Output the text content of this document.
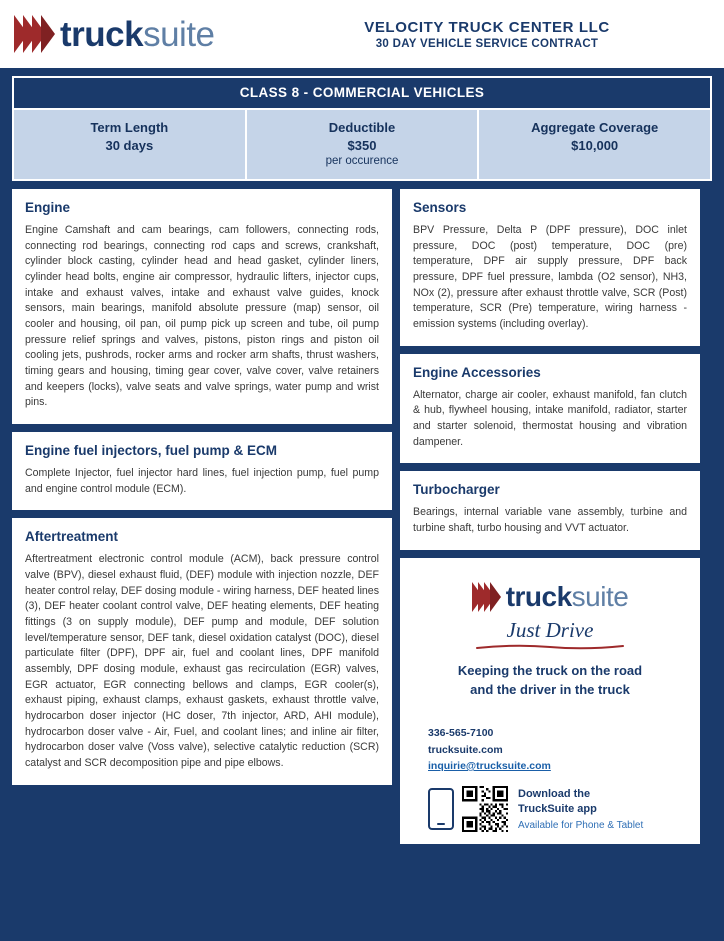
trucksuite	VELOCITY TRUCK CENTER LLC
30 DAY VEHICLE SERVICE CONTRACT
CLASS 8 - COMMERCIAL VEHICLES
Term Length
30 days
Deductible
$350
per occurence
Aggregate Coverage
$10,000
Engine

Engine Camshaft and cam bearings, cam followers, connecting rods, connecting rod bearings, connecting rod caps and screws, crankshaft, cylinder block casting, cylinder head and head gasket, cylinder liners, cylinder head bolts, engine air compressor, hydraulic lifters, injector cups, intake and exhaust valves, intake and exhaust valve guides, knock sensors, main bearings, manifold absolute pressure (map) sensor, oil cooler and housing, oil pan, oil pump pick up screen and tube, oil pump pressure relief springs and valves, pistons, piston rings and piston oil cooling jets, pushrods, rocker arms and rocker arm shafts, thrust washers, timing gears and housing, timing gear cover, valve cover, valve retainers and keepers (locks), valve seats and valve springs, water pump and wrist pins.

Engine fuel injectors, fuel pump & ECM

Complete Injector, fuel injector hard lines, fuel injection pump, fuel pump and engine control module (ECM).

Aftertreatment

Aftertreatment electronic control module (ACM), back pressure control valve (BPV), diesel exhaust fluid, (DEF) module with injection nozzle, DEF heater control relay, DEF dosing module - wiring harness, DEF heated lines (3), DEF heater coolant control valve, DEF heating elements, DEF heating fittings (3 on supply module), DEF pump and module, DEF solution level/temperature sensor, DEF tank, diesel oxidation catalyst (DOC), diesel particulate filter (DPF), DPF air, fuel and coolant lines, DPF manifold assembly, DPF dosing module, exhaust gas recirculation (EGR) valves, EGR actuator, EGR connecting bellows and clamps, EGR cooler(s), exhaust piping, exhaust clamps, exhaust gaskets, exhaust throttle valve, hydrocarbon doser injector (HC doser, 7th injector, ARD, AHI module), hydrocarbon doser valve - Air, Fuel, and coolant lines; and inline air filter, hydrocarbon doser valve (Voss valve), selective catalytic reduction (SCR) catalyst and SCR decomposition pipe and pipe elbows.

Sensors

BPV Pressure, Delta P (DPF pressure), DOC inlet pressure, DOC (post) temperature, DOC (pre) temperature, DPF air supply pressure, DPF back pressure, DPF fuel pressure, lambda (O2 sensor), NH3, NOx (2), pressure after exhaust throttle valve, SCR (Post) temperature, SCR (Pre) temperature, wiring harness - emission systems (including overlay).

Engine Accessories

Alternator, charge air cooler, exhaust manifold, fan clutch & hub, flywheel housing, intake manifold, radiator, starter and starter solenoid, thermostat housing and vibration dampener.

Turbocharger

Bearings, internal variable vane assembly, turbine and turbine shaft, turbo housing and VVT actuator.

trucksuite
Just Drive
Keeping the truck on the road
and the driver in the truck
336-565-7100
trucksuite.com
inquirie@trucksuite.com
Download the
TruckSuite app
Available for Phone & Tablet
